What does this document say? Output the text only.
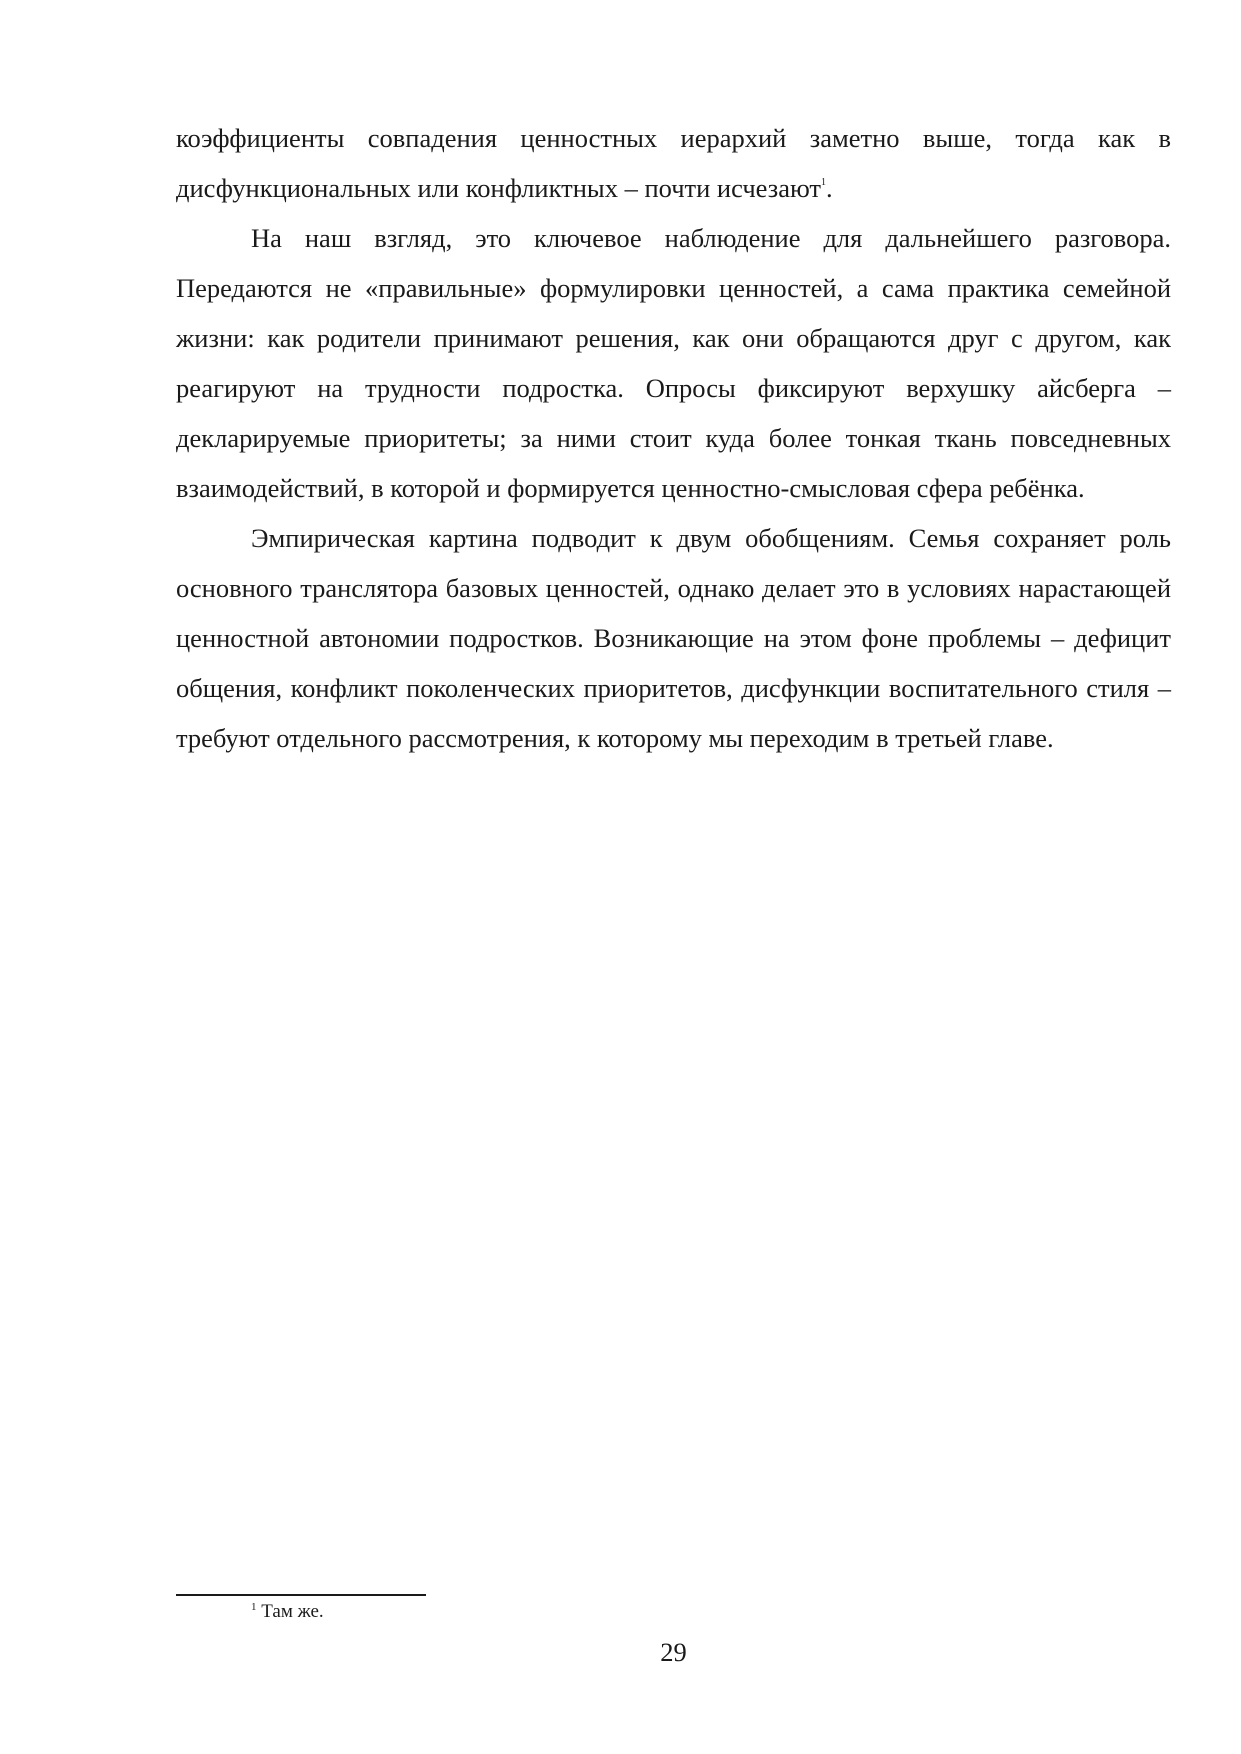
коэффициенты совпадения ценностных иерархий заметно выше, тогда как в дисфункциональных или конфликтных – почти исчезают$^1$.

На наш взгляд, это ключевое наблюдение для дальнейшего разговора. Передаются не «правильные» формулировки ценностей, а сама практика семейной жизни: как родители принимают решения, как они обращаются друг с другом, как реагируют на трудности подростка. Опросы фиксируют верхушку айсберга – декларируемые приоритеты; за ними стоит куда более тонкая ткань повседневных взаимодействий, в которой и формируется ценностно-смысловая сфера ребёнка.

Эмпирическая картина подводит к двум обобщениям. Семья сохраняет роль основного транслятора базовых ценностей, однако делает это в условиях нарастающей ценностной автономии подростков. Возникающие на этом фоне проблемы – дефицит общения, конфликт поколенческих приоритетов, дисфункции воспитательного стиля – требуют отдельного рассмотрения, к которому мы переходим в третьей главе.

$^1$ Там же.
29
